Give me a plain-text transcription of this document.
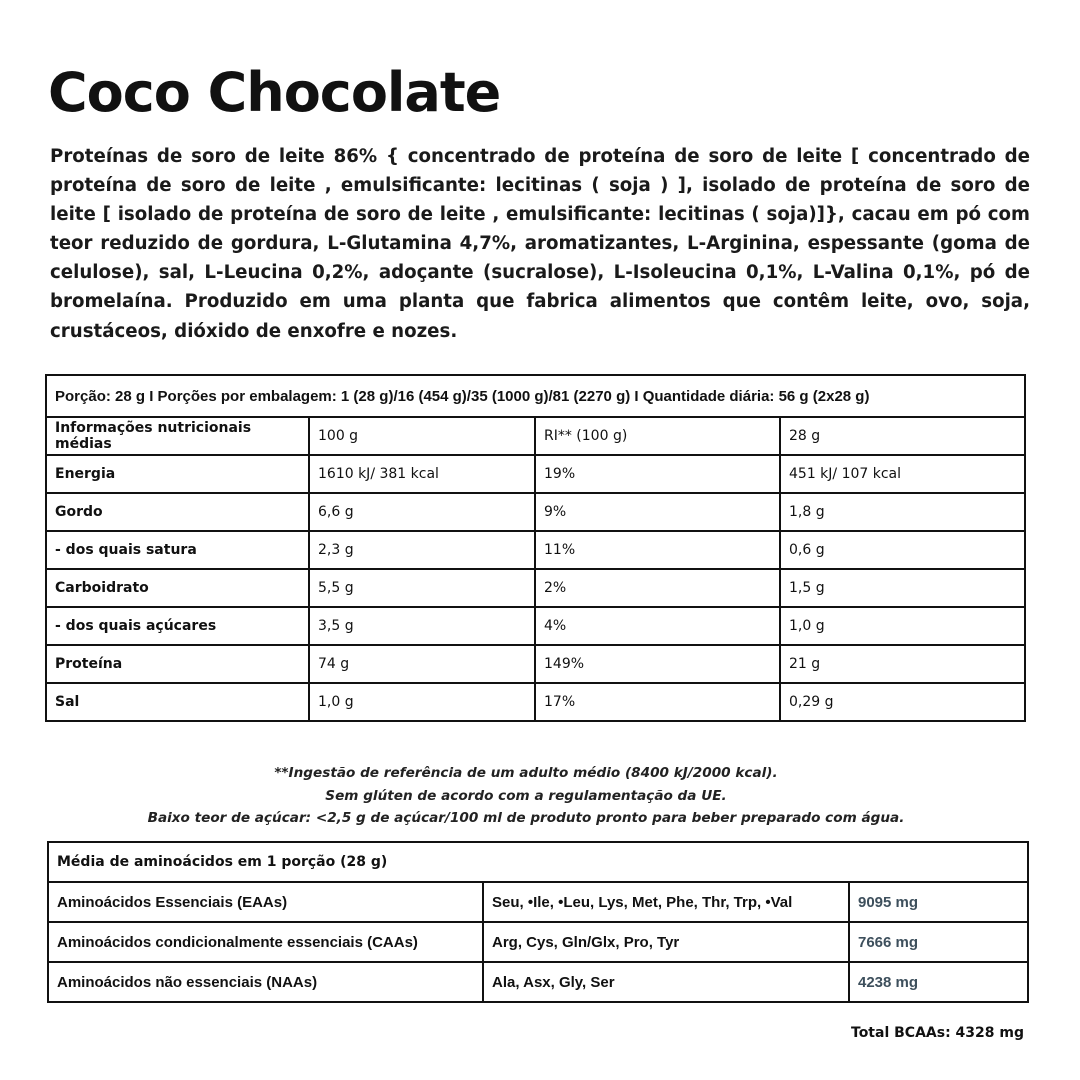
Coco Chocolate

Proteínas de soro de leite 86% { concentrado de proteína de soro de leite [ concentrado de proteína de soro de leite , emulsificante: lecitinas ( soja ) ], isolado de proteína de soro de leite [ isolado de proteína de soro de leite , emulsificante: lecitinas ( soja)]}, cacau em pó com teor reduzido de gordura, L-Glutamina 4,7%, aromatizantes, L-Arginina, espessante (goma de celulose), sal, L-Leucina 0,2%, adoçante (sucralose), L-Isoleucina 0,1%, L-Valina 0,1%, pó de bromelaína. Produzido em uma planta que fabrica alimentos que contêm leite, ovo, soja, crustáceos, dióxido de enxofre e nozes.

Porção: 28 g I Porções por embalagem: 1 (28 g)/16 (454 g)/35 (1000 g)/81 (2270 g) I Quantidade diária: 56 g (2x28 g)			
Informações nutricionais médias	100 g	RI** (100 g)	28 g
Energia	1610 kJ/ 381 kcal	19%	451 kJ/ 107 kcal
Gordo	6,6 g	9%	1,8 g
- dos quais satura	2,3 g	11%	0,6 g
Carboidrato	5,5 g	2%	1,5 g
- dos quais açúcares	3,5 g	4%	1,0 g
Proteína	74 g	149%	21 g
Sal	1,0 g	17%	0,29 g
**Ingestão de referência de um adulto médio (8400 kJ/2000 kcal).
Sem glúten de acordo com a regulamentação da UE.
Baixo teor de açúcar: <2,5 g de açúcar/100 ml de produto pronto para beber preparado com água.
Média de aminoácidos em 1 porção (28 g)		
Aminoácidos Essenciais (EAAs)	Seu, •Ile, •Leu, Lys, Met, Phe, Thr, Trp, •Val	9095 mg
Aminoácidos condicionalmente essenciais (CAAs)	Arg, Cys, Gln/Glx, Pro, Tyr	7666 mg
Aminoácidos não essenciais (NAAs)	Ala, Asx, Gly, Ser	4238 mg
Total BCAAs: 4328 mg
